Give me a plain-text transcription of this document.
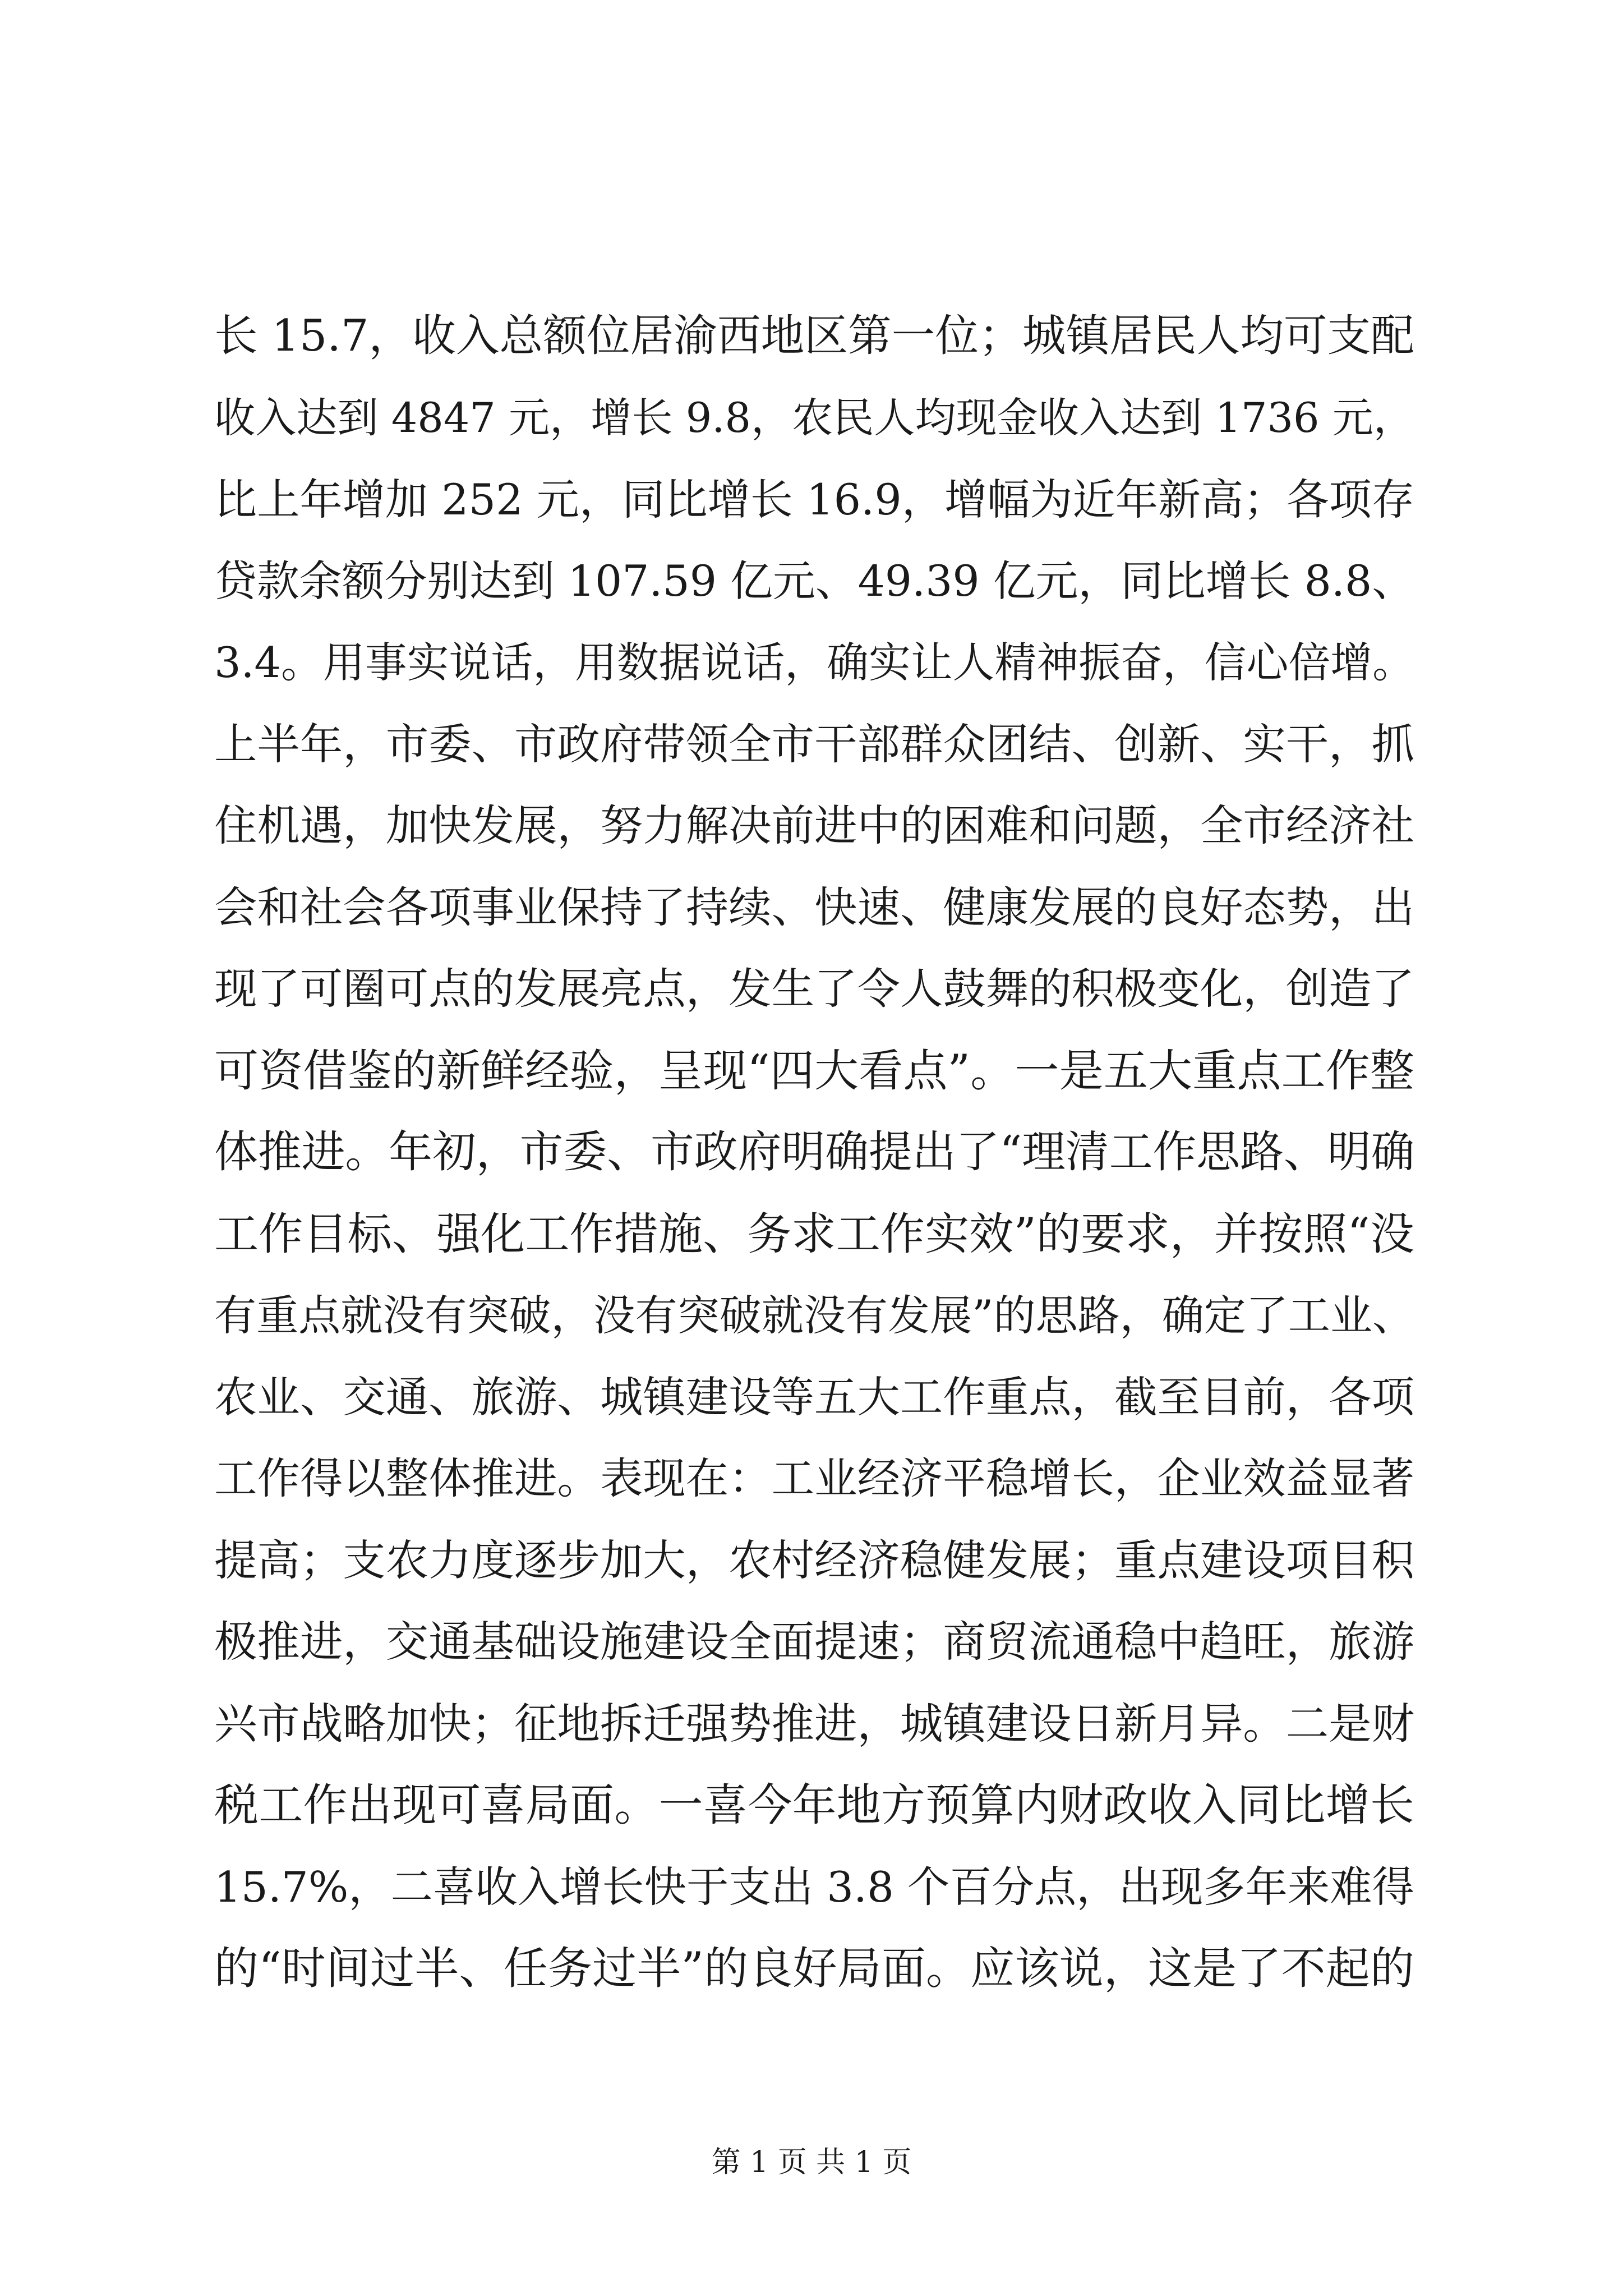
长 15.7，收入总额位居渝西地区第一位；城镇居民人均可支配
收入达到 4847 元，增长 9.8，农民人均现金收入达到 1736 元，
比上年增加 252 元，同比增长 16.9，增幅为近年新高；各项存
贷款余额分别达到 107.59 亿元、49.39 亿元，同比增长 8.8、
3.4。用事实说话，用数据说话，确实让人精神振奋，信心倍增。
上半年，市委、市政府带领全市干部群众团结、创新、实干，抓
住机遇，加快发展，努力解决前进中的困难和问题，全市经济社
会和社会各项事业保持了持续、快速、健康发展的良好态势，出
现了可圈可点的发展亮点，发生了令人鼓舞的积极变化，创造了
可资借鉴的新鲜经验，呈现“四大看点”。一是五大重点工作整
体推进。年初，市委、市政府明确提出了“理清工作思路、明确
工作目标、强化工作措施、务求工作实效”的要求，并按照“没
有重点就没有突破，没有突破就没有发展”的思路，确定了工业、
农业、交通、旅游、城镇建设等五大工作重点，截至目前，各项
工作得以整体推进。表现在：工业经济平稳增长，企业效益显著
提高；支农力度逐步加大，农村经济稳健发展；重点建设项目积
极推进，交通基础设施建设全面提速；商贸流通稳中趋旺，旅游
兴市战略加快；征地拆迁强势推进，城镇建设日新月异。二是财
税工作出现可喜局面。一喜今年地方预算内财政收入同比增长
15.7%，二喜收入增长快于支出 3.8 个百分点，出现多年来难得
的“时间过半、任务过半”的良好局面。应该说，这是了不起的
第 1 页 共 1 页
